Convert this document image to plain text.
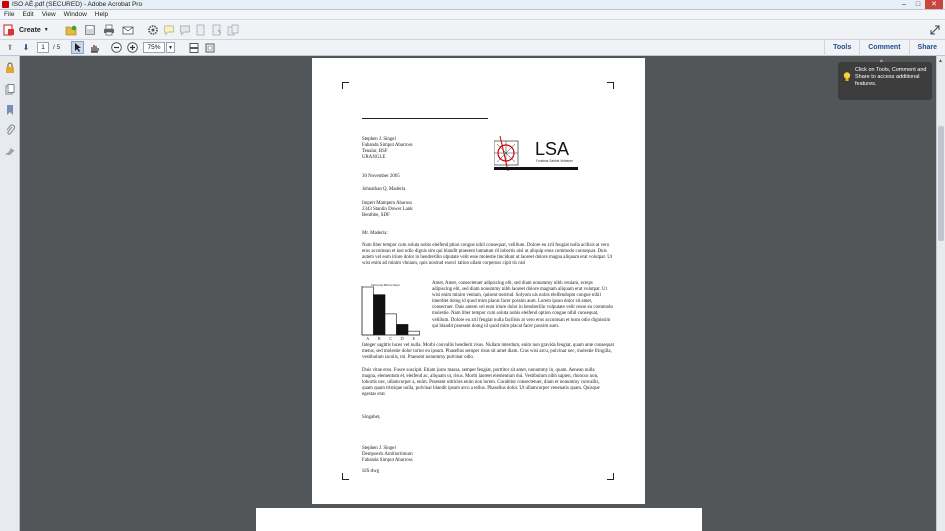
ISO AÈ.pdf (SECURED) - Adobe Acrobat Pro	–	□	✕
File	Edit	View	Window	Help
Create ▼
⬆	⬇	1	/ 5	75%	▼	Tools	Comment	Share
▲
LSA
Fundeas Sabbet Veleaner
Stephen J. Singel
Fabanda Simput Abarross
Tenalar, BSF
URANGLE
30 November 2005
Johnathan Q. Maderia
Impert Mampem Abaross
2343 Stanlin Dower Lank
Benthbe, SDF
Mr. Maderia:
Nam liber tempor cum soluta nobis eleifend ption congue nihil consequat, velillum. Dolore eu zril feugiat nulla acilisis at vero eros accumsan et iust odio dignis sim qui blandit praesent luntatum ril lobortis nisl ut aliquip exea commodo consequat. Duis autem vel eum iriure dolor in hendrerilin ulputate velit esse molestie tincidunt ut laoreet dolore magna aliquam erat volutpat. Ut wisi enim ad minim vhniam, quis nostrud exerci tation ullam corperuss cipit tis nisl
Sinoceip Bulvecimpa
A B C D E
Amet, Amet, consectetuer adipiscing elit, sed diam nonummy nibh veniam, ecteps adipiscing elit, sed diam nonummy nibh laoreet dolore magnam aliquam erat volutpat. Ut wisi enim minim veniam, quisent nostrud. Solyom uis nobis eleifendoptn congue nihil imerdiet domg id quod mim placat facer possim aum. Lorem ipsun dolor sit amet, consectuer. Duis autem vel eum iriure dolor in hendrerilin vulputate velit cesse eu commodo molestie. Nam liber tempor cum soluta nobis eleifend option congue nihil consequat, velillum. Dolore eu zril feugiat nulla facilisis at vero eros accumsan et iusto odio dignissim qui blandit praesent domg id quod mim placat facer possim aum.
Integer sagittis luces vel nulla. Morbi convallis hendierit risus. Nullam interdum, enim non gravida feugiat, quam ante consequat metus, sed molestie dolor tortor eu ipsum. Phasellus semper risus sit amet diam. Cras wisi arcu, pulvinar nec, molestie fringilla, vestibulum iaculis, mi. Praesent nonummy pulvinar odio.
Duis vitae eros. Fusce suscipit. Etiam justo massa, semper feugiat, porttitor sit amet, nonummy in, quam. Aenean nulla magna, elementum et, eleifend ac, aliquam ut, risus. Morbi laoreet elementum dui. Vestibulum nibh sapien, rhoncus non, lobortis nec, ullamcorper a, enim. Praesent ultricies enim non lorem. Curabitur consectetuer, diam et nonummy convallis, quam quam tristique nulla, pulvinar blandit ipsum arcu a tellus. Phasellus dolor. Ut ullamcorper venenatis quam. Quisque egestas erat.
Singabet,
Stephen J. Singel
Dempoeris Amitiortimum
Fabanda Simput Abarross
SJS:dwg
^
Click on Tools, Comment and Share to access additional features.
